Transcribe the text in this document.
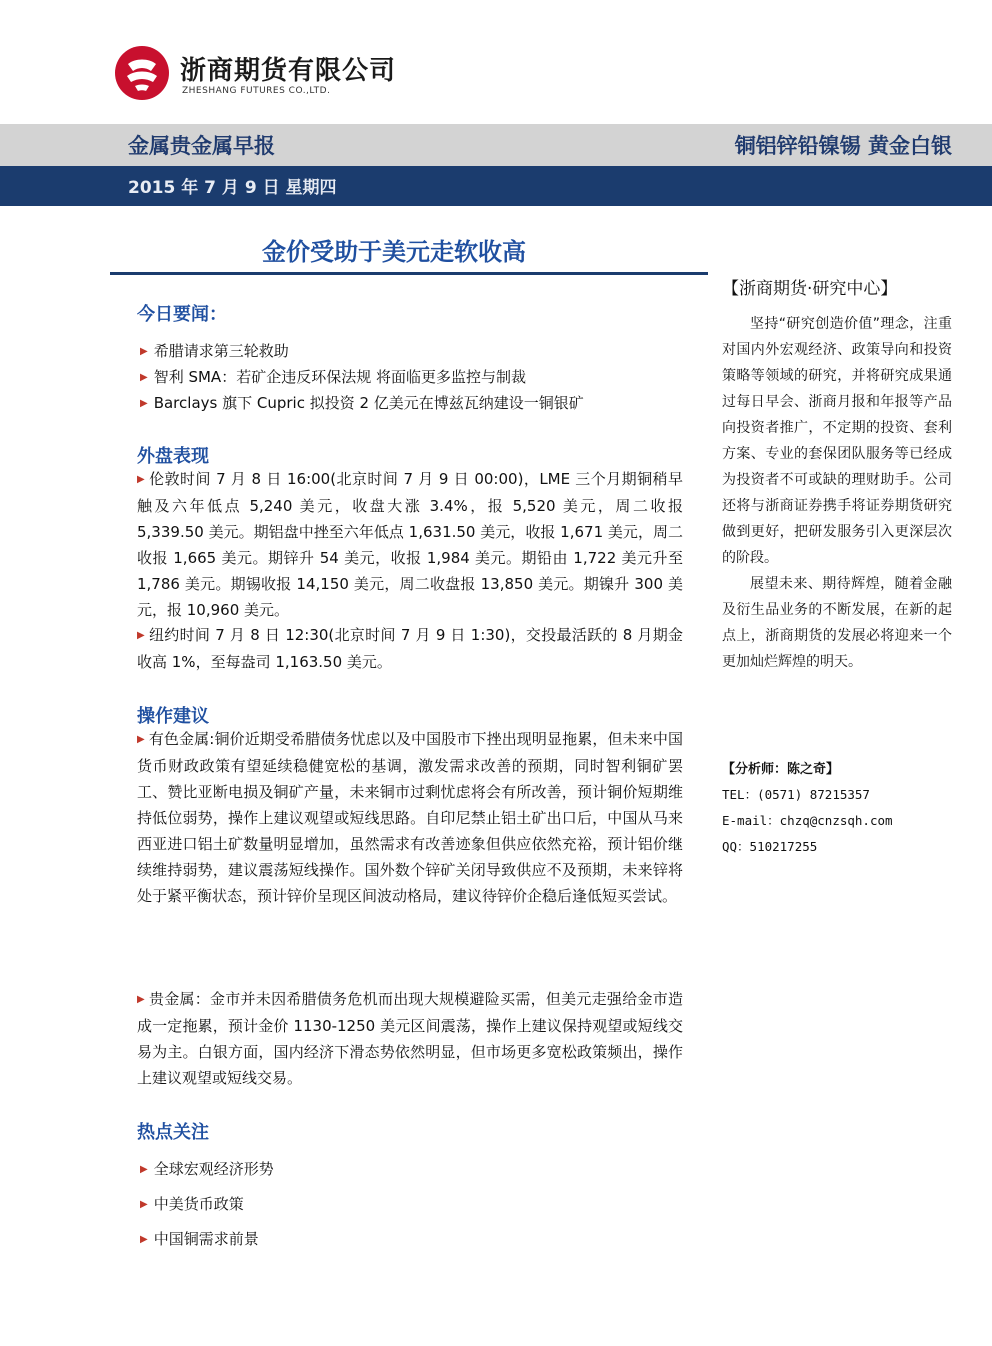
浙商期货有限公司
ZHESHANG FUTURES CO.,LTD.
金属贵金属早报	铜铝锌铅镍锡 黄金白银
2015 年 7 月 9 日 星期四
金价受助于美元走软收高
今日要闻：
▶ 希腊请求第三轮救助
▶ 智利 SMA：若矿企违反环保法规 将面临更多监控与制裁
▶ Barclays 旗下 Cupric 拟投资 2 亿美元在博兹瓦纳建设一铜银矿
外盘表现

▶ 伦敦时间 7 月 8 日 16:00(北京时间 7 月 9 日 00:00)，LME 三个月期铜稍早触及六年低点 5,240 美元，收盘大涨 3.4%，报 5,520 美元，周二收报 5,339.50 美元。期铝盘中挫至六年低点 1,631.50 美元，收报 1,671 美元，周二收报 1,665 美元。期锌升 54 美元，收报 1,984 美元。期铅由 1,722 美元升至 1,786 美元。期锡收报 14,150 美元，周二收盘报 13,850 美元。期镍升 300 美元，报 10,960 美元。

▶ 纽约时间 7 月 8 日 12:30(北京时间 7 月 9 日 1:30)，交投最活跃的 8 月期金收高 1%，至每盎司 1,163.50 美元。

操作建议

▶ 有色金属:铜价近期受希腊债务忧虑以及中国股市下挫出现明显拖累，但未来中国货币财政政策有望延续稳健宽松的基调，激发需求改善的预期，同时智利铜矿罢工、赞比亚断电损及铜矿产量，未来铜市过剩忧虑将会有所改善，预计铜价短期维持低位弱势，操作上建议观望或短线思路。自印尼禁止铝土矿出口后，中国从马来西亚进口铝土矿数量明显增加，虽然需求有改善迹象但供应依然充裕，预计铝价继续维持弱势，建议震荡短线操作。国外数个锌矿关闭导致供应不及预期，未来锌将处于紧平衡状态，预计锌价呈现区间波动格局，建议待锌价企稳后逢低短买尝试。

▶ 贵金属：金市并未因希腊债务危机而出现大规模避险买需，但美元走强给金市造成一定拖累，预计金价 1130-1250 美元区间震荡，操作上建议保持观望或短线交易为主。白银方面，国内经济下滑态势依然明显，但市场更多宽松政策频出，操作上建议观望或短线交易。

热点关注
▶ 全球宏观经济形势
▶ 中美货币政策
▶ 中国铜需求前景
【浙商期货·研究中心】

坚持“研究创造价值”理念，注重对国内外宏观经济、政策导向和投资策略等领域的研究，并将研究成果通过每日早会、浙商月报和年报等产品向投资者推广，不定期的投资、套利方案、专业的套保团队服务等已经成为投资者不可或缺的理财助手。公司还将与浙商证券携手将证券期货研究做到更好，把研发服务引入更深层次的阶段。

展望未来、期待辉煌，随着金融及衍生品业务的不断发展，在新的起点上，浙商期货的发展必将迎来一个更加灿烂辉煌的明天。

【分析师：陈之奇】
TEL：(0571) 87215357
E-mail：chzq@cnzsqh.com
QQ：510217255
